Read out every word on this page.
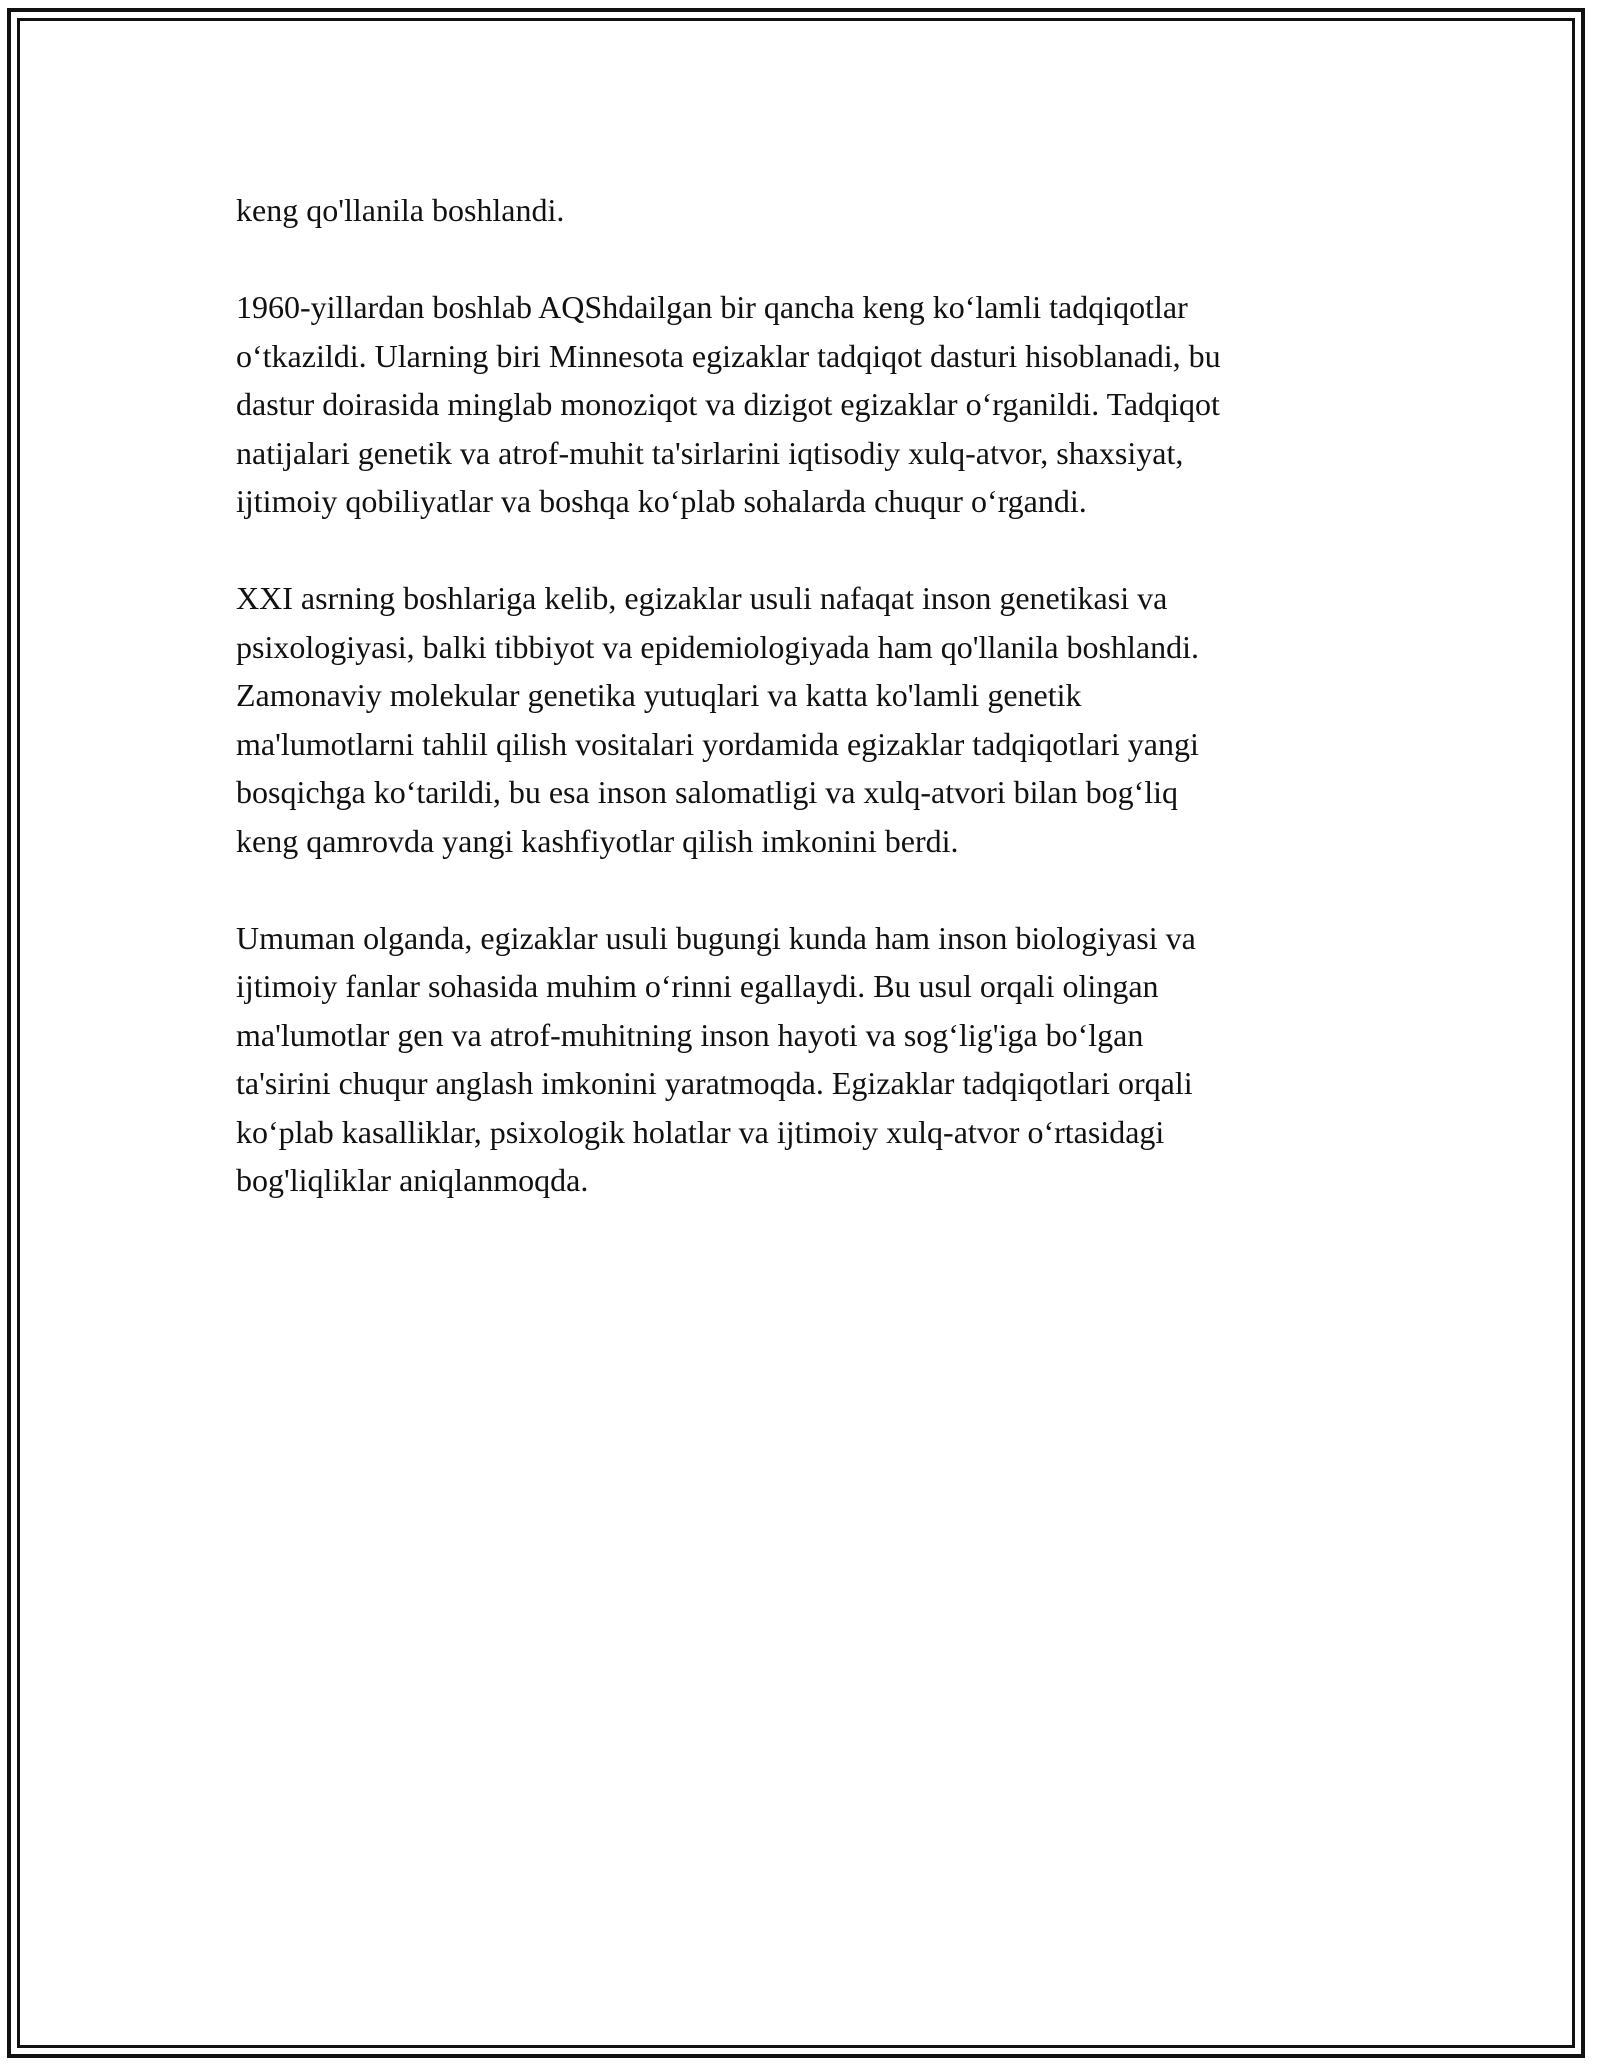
keng qo'llanila boshlandi.

1960-yillardan boshlab AQShdailgan bir qancha keng koʻlamli tadqiqotlar
oʻtkazildi. Ularning biri Minnesota egizaklar tadqiqot dasturi hisoblanadi, bu
dastur doirasida minglab monoziqot va dizigot egizaklar oʻrganildi. Tadqiqot
natijalari genetik va atrof-muhit ta'sirlarini iqtisodiy xulq-atvor, shaxsiyat,
ijtimoiy qobiliyatlar va boshqa koʻplab sohalarda chuqur oʻrgandi.

XXI asrning boshlariga kelib, egizaklar usuli nafaqat inson genetikasi va
psixologiyasi, balki tibbiyot va epidemiologiyada ham qo'llanila boshlandi.
Zamonaviy molekular genetika yutuqlari va katta ko'lamli genetik
ma'lumotlarni tahlil qilish vositalari yordamida egizaklar tadqiqotlari yangi
bosqichga koʻtarildi, bu esa inson salomatligi va xulq-atvori bilan bogʻliq
keng qamrovda yangi kashfiyotlar qilish imkonini berdi.

Umuman olganda, egizaklar usuli bugungi kunda ham inson biologiyasi va
ijtimoiy fanlar sohasida muhim oʻrinni egallaydi. Bu usul orqali olingan
ma'lumotlar gen va atrof-muhitning inson hayoti va sogʻlig'iga boʻlgan
ta'sirini chuqur anglash imkonini yaratmoqda. Egizaklar tadqiqotlari orqali
koʻplab kasalliklar, psixologik holatlar va ijtimoiy xulq-atvor oʻrtasidagi
bog'liqliklar aniqlanmoqda.
